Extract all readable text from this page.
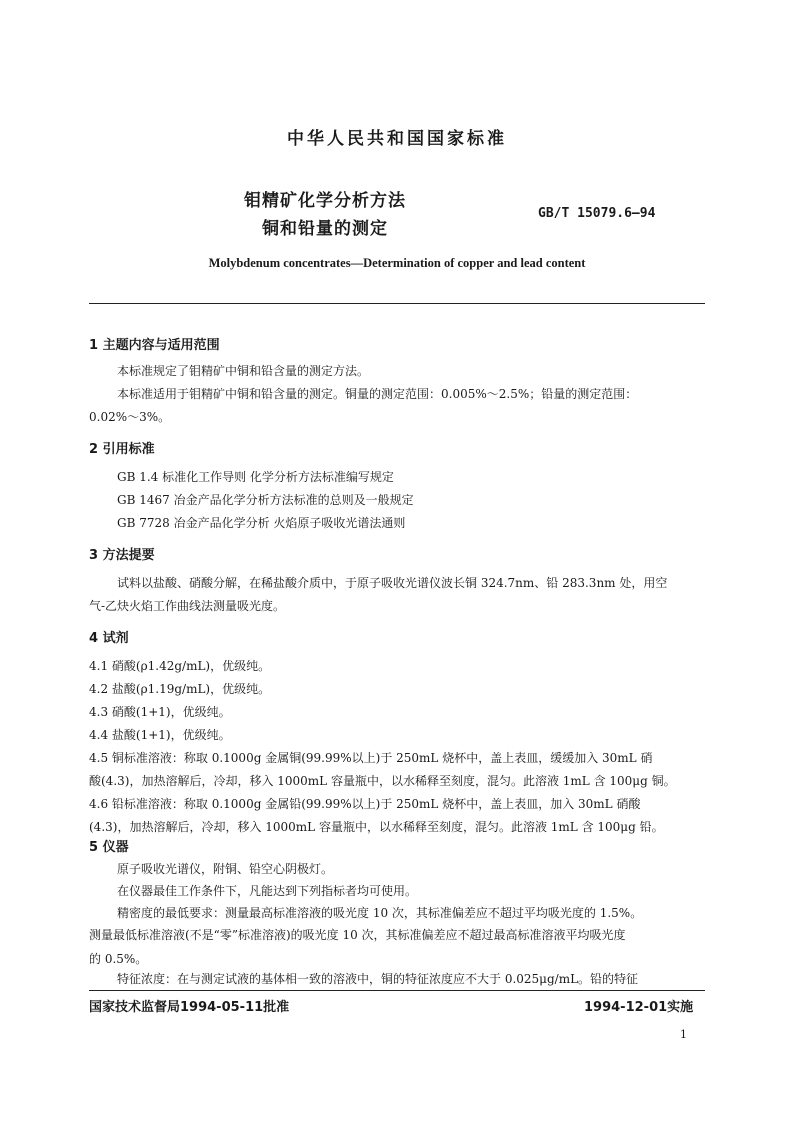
中华人民共和国国家标准
钼精矿化学分析方法
铜和铅量的测定
GB/T 15079.6—94
Molybdenum concentrates—Determination of copper and lead content
1 主题内容与适用范围
本标准规定了钼精矿中铜和铅含量的测定方法。
本标准适用于钼精矿中铜和铅含量的测定。铜量的测定范围：0.005%～2.5%；铅量的测定范围：
0.02%～3%。
2 引用标准
GB 1.4 标准化工作导则 化学分析方法标准编写规定
GB 1467 冶金产品化学分析方法标准的总则及一般规定
GB 7728 冶金产品化学分析 火焰原子吸收光谱法通则
3 方法提要
试料以盐酸、硝酸分解，在稀盐酸介质中，于原子吸收光谱仪波长铜 324.7nm、铅 283.3nm 处，用空
气-乙炔火焰工作曲线法测量吸光度。
4 试剂
4.1 硝酸(ρ1.42g/mL)，优级纯。
4.2 盐酸(ρ1.19g/mL)，优级纯。
4.3 硝酸(1+1)，优级纯。
4.4 盐酸(1+1)，优级纯。
4.5 铜标准溶液：称取 0.1000g 金属铜(99.99%以上)于 250mL 烧杯中，盖上表皿，缓缓加入 30mL 硝
酸(4.3)，加热溶解后，冷却，移入 1000mL 容量瓶中，以水稀释至刻度，混匀。此溶液 1mL 含 100μg 铜。
4.6 铅标准溶液：称取 0.1000g 金属铅(99.99%以上)于 250mL 烧杯中，盖上表皿，加入 30mL 硝酸
(4.3)，加热溶解后，冷却，移入 1000mL 容量瓶中，以水稀释至刻度，混匀。此溶液 1mL 含 100μg 铅。
5 仪器
原子吸收光谱仪，附铜、铅空心阴极灯。
在仪器最佳工作条件下，凡能达到下列指标者均可使用。
精密度的最低要求：测量最高标准溶液的吸光度 10 次，其标准偏差应不超过平均吸光度的 1.5%。
测量最低标准溶液(不是“零”标准溶液)的吸光度 10 次，其标准偏差应不超过最高标准溶液平均吸光度
国家技术监督局1994-05-11批准	1994-12-01实施
1
特征浓度：在与测定试液的基体相一致的溶液中，铜的特征浓度应不大于 0.025μg/mL。铅的特征
的 0.5%。
